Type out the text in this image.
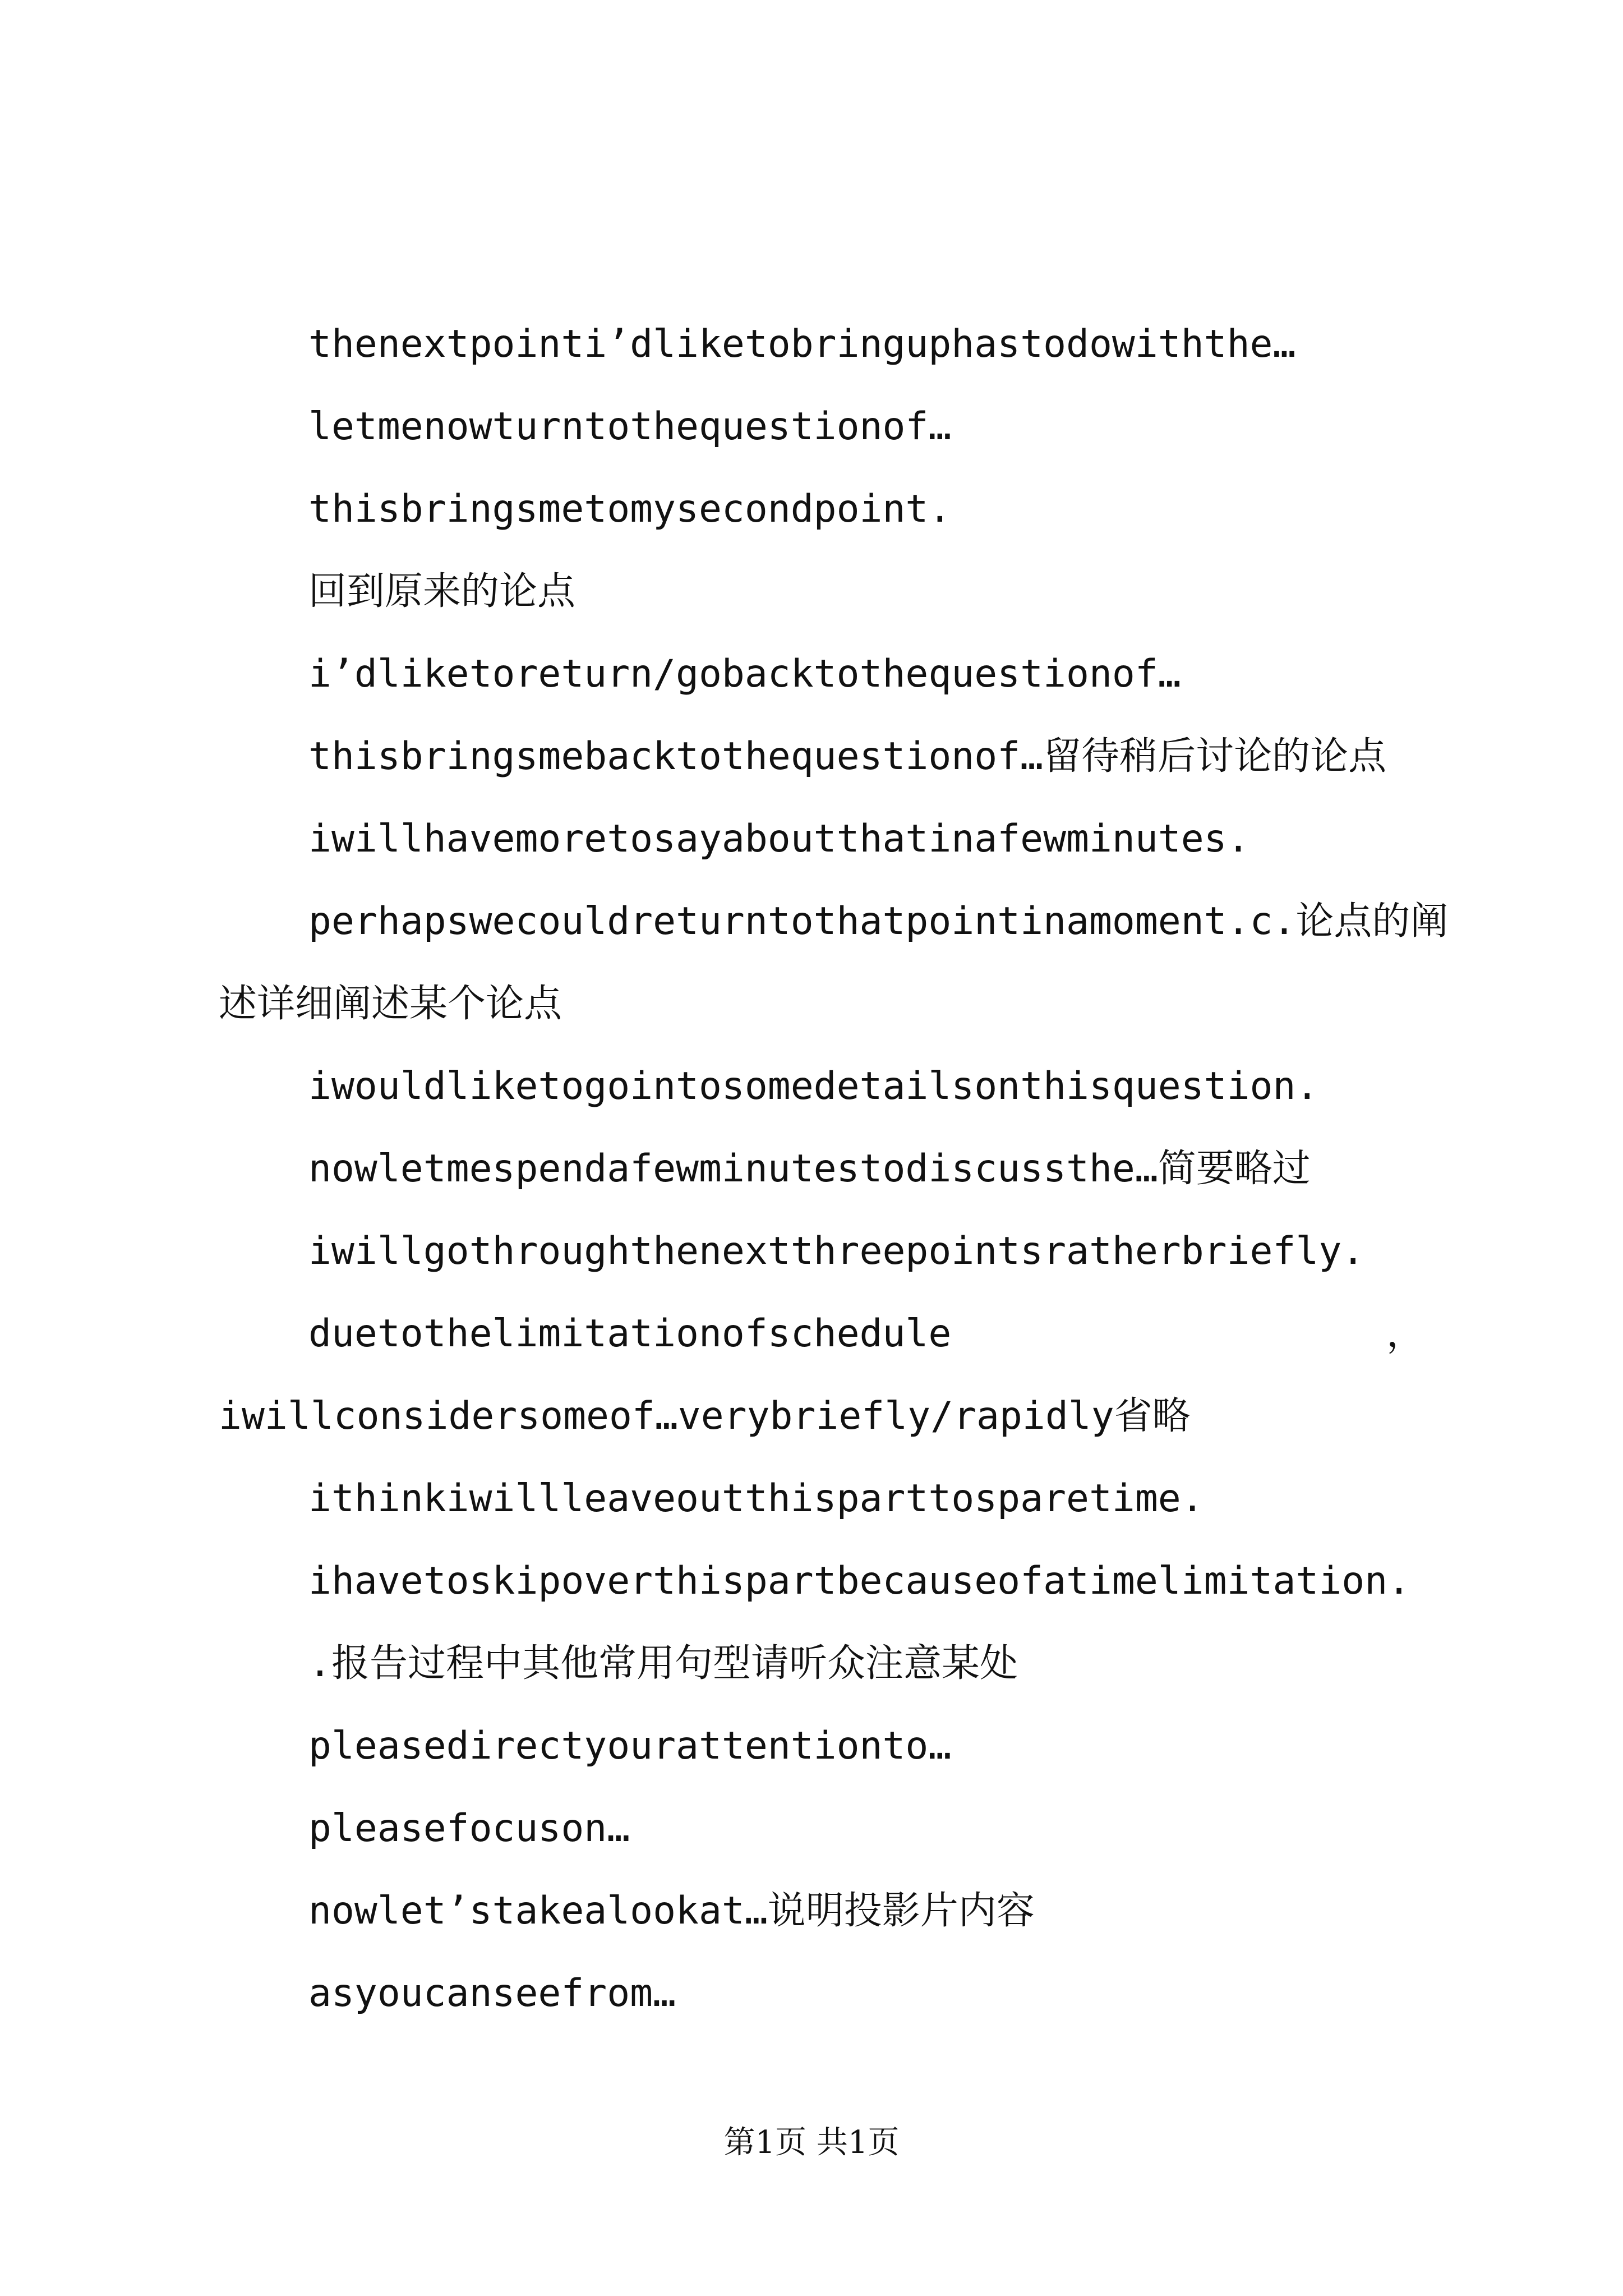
thenextpointi’dliketobringuphastodowiththe…
letmenowturntothequestionof…
thisbringsmetomysecondpoint.
回到原来的论点
i’dliketoreturn/gobacktothequestionof…
thisbringsmebacktothequestionof…留待稍后讨论的论点
iwillhavemoretosayaboutthatinafewminutes.
perhapswecouldreturntothatpointinamoment.c.论点的阐
述详细阐述某个论点
iwouldliketogointosomedetailsonthisquestion.
nowletmespendafewminutestodiscussthe…简要略过
iwillgothroughthenextthreepointsratherbriefly.
duetothelimitationofschedule	，
iwillconsidersomeof…verybriefly/rapidly省略
ithinkiwillleaveoutthisparttosparetime.
ihavetoskipoverthispartbecauseofatimelimitation.
.报告过程中其他常用句型请听众注意某处
pleasedirectyourattentionto…
pleasefocuson…
nowlet’stakealookat…说明投影片内容
asyoucanseefrom…
第1页 共1页
